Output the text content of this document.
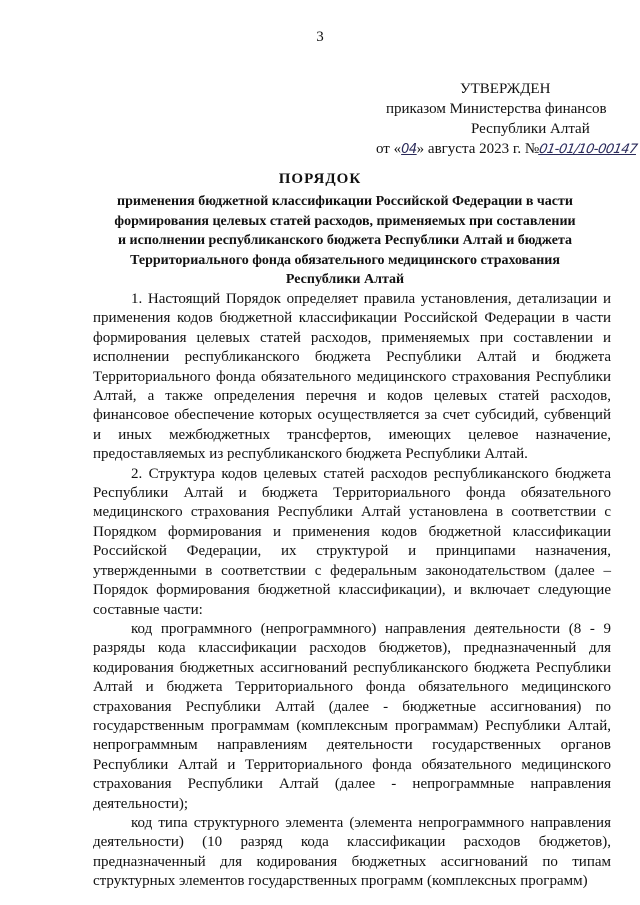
3
УТВЕРЖДЕН
приказом Министерства финансов
Республики Алтай
от «04» августа 2023 г. №01-01/10-00147
ПОРЯДОК
применения бюджетной классификации Российской Федерации в части формирования целевых статей расходов, применяемых при составлении и исполнении республиканского бюджета Республики Алтай и бюджета Территориального фонда обязательного медицинского страхования Республики Алтай

1. Настоящий Порядок определяет правила установления, детализации и применения кодов бюджетной классификации Российской Федерации в части формирования целевых статей расходов, применяемых при составлении и исполнении республиканского бюджета Республики Алтай и бюджета Территориального фонда обязательного медицинского страхования Республики Алтай, а также определения перечня и кодов целевых статей расходов, финансовое обеспечение которых осуществляется за счет субсидий, субвенций и иных межбюджетных трансфертов, имеющих целевое назначение, предоставляемых из республиканского бюджета Республики Алтай.

2. Структура кодов целевых статей расходов республиканского бюджета Республики Алтай и бюджета Территориального фонда обязательного медицинского страхования Республики Алтай установлена в соответствии с Порядком формирования и применения кодов бюджетной классификации Российской Федерации, их структурой и принципами назначения, утвержденными в соответствии с федеральным законодательством (далее – Порядок формирования бюджетной классификации), и включает следующие составные части:

код программного (непрограммного) направления деятельности (8 - 9 разряды кода классификации расходов бюджетов), предназначенный для кодирования бюджетных ассигнований республиканского бюджета Республики Алтай и бюджета Территориального фонда обязательного медицинского страхования Республики Алтай (далее - бюджетные ассигнования) по государственным программам (комплексным программам) Республики Алтай, непрограммным направлениям деятельности государственных органов Республики Алтай и Территориального фонда обязательного медицинского страхования Республики Алтай (далее - непрограммные направления деятельности);

код типа структурного элемента (элемента непрограммного направления деятельности) (10 разряд кода классификации расходов бюджетов), предназначенный для кодирования бюджетных ассигнований по типам структурных элементов государственных программ (комплексных программ)
